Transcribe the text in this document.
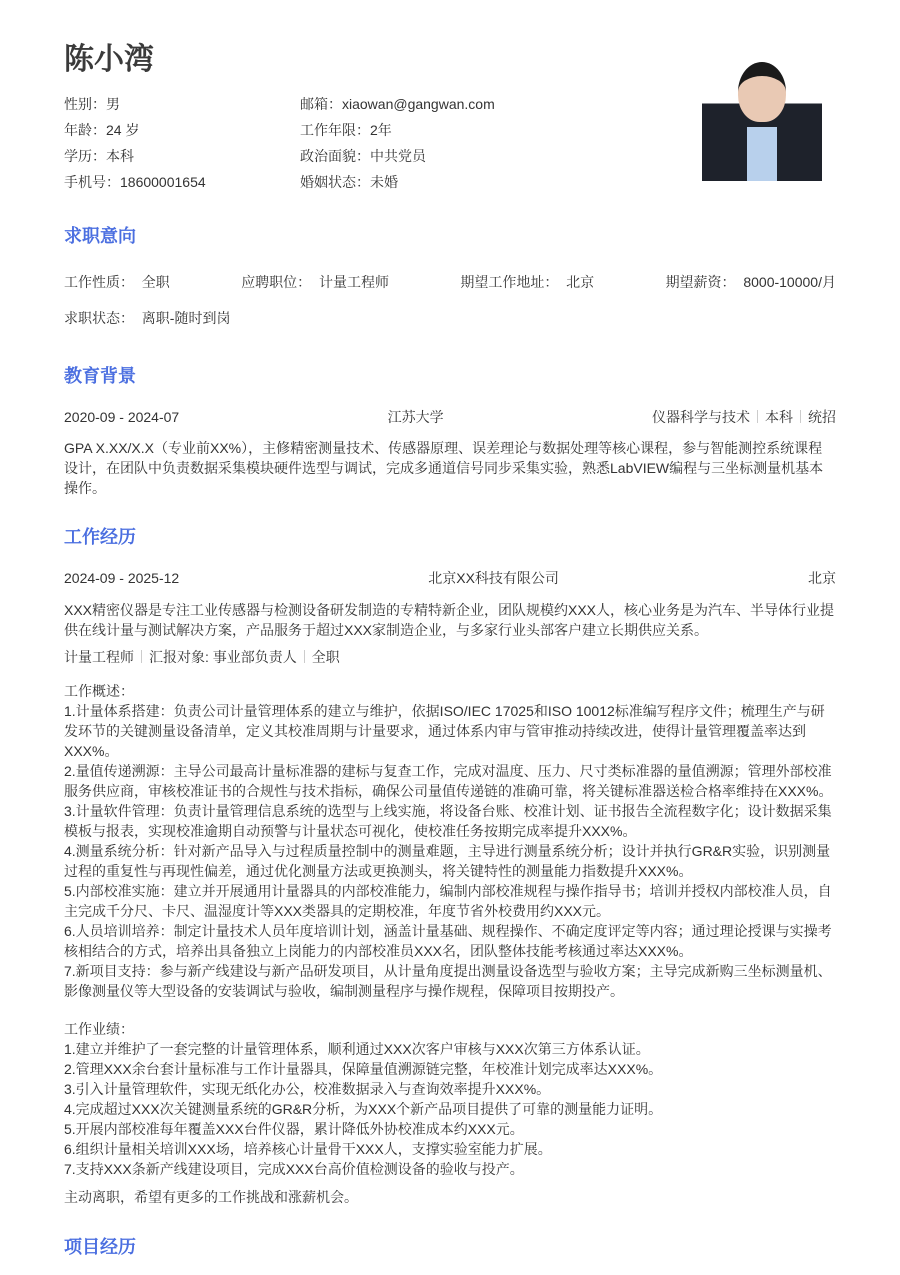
陈小湾
性别：男	邮箱：xiaowan@gangwan.com
年龄：24 岁	工作年限：2年
学历：本科	政治面貌：中共党员
手机号：18600001654	婚姻状态：未婚
求职意向
工作性质：  全职	应聘职位：  计量工程师	期望工作地址：  北京	期望薪资：  8000-10000/月
求职状态：  离职-随时到岗
教育背景
2020-09 - 2024-07	江苏大学	仪器科学与技术 本科 统招
GPA X.XX/X.X（专业前XX%），主修精密测量技术、传感器原理、误差理论与数据处理等核心课程，参与智能测控系统课程设计，在团队中负责数据采集模块硬件选型与调试，完成多通道信号同步采集实验，熟悉LabVIEW编程与三坐标测量机基本操作。
工作经历
2024-09 - 2025-12	北京XX科技有限公司	北京
XXX精密仪器是专注工业传感器与检测设备研发制造的专精特新企业，团队规模约XXX人，核心业务是为汽车、半导体行业提供在线计量与测试解决方案，产品服务于超过XXX家制造企业，与多家行业头部客户建立长期供应关系。
计量工程师 汇报对象: 事业部负责人 全职
工作概述：
1.计量体系搭建：负责公司计量管理体系的建立与维护，依据ISO/IEC 17025和ISO 10012标准编写程序文件；梳理生产与研发环节的关键测量设备清单，定义其校准周期与计量要求，通过体系内审与管审推动持续改进，使得计量管理覆盖率达到XXX%。
2.量值传递溯源：主导公司最高计量标准器的建标与复查工作，完成对温度、压力、尺寸类标准器的量值溯源；管理外部校准服务供应商，审核校准证书的合规性与技术指标，确保公司量值传递链的准确可靠，将关键标准器送检合格率维持在XXX%。
3.计量软件管理：负责计量管理信息系统的选型与上线实施，将设备台账、校准计划、证书报告全流程数字化；设计数据采集模板与报表，实现校准逾期自动预警与计量状态可视化，使校准任务按期完成率提升XXX%。
4.测量系统分析：针对新产品导入与过程质量控制中的测量难题，主导进行测量系统分析；设计并执行GR&R实验，识别测量过程的重复性与再现性偏差，通过优化测量方法或更换测头，将关键特性的测量能力指数提升XXX%。
5.内部校准实施：建立并开展通用计量器具的内部校准能力，编制内部校准规程与操作指导书；培训并授权内部校准人员，自主完成千分尺、卡尺、温湿度计等XXX类器具的定期校准，年度节省外校费用约XXX元。
6.人员培训培养：制定计量技术人员年度培训计划，涵盖计量基础、规程操作、不确定度评定等内容；通过理论授课与实操考核相结合的方式，培养出具备独立上岗能力的内部校准员XXX名，团队整体技能考核通过率达XXX%。
7.新项目支持：参与新产线建设与新产品研发项目，从计量角度提出测量设备选型与验收方案；主导完成新购三坐标测量机、影像测量仪等大型设备的安装调试与验收，编制测量程序与操作规程，保障项目按期投产。
工作业绩：
1.建立并维护了一套完整的计量管理体系，顺利通过XXX次客户审核与XXX次第三方体系认证。
2.管理XXX余台套计量标准与工作计量器具，保障量值溯源链完整，年校准计划完成率达XXX%。
3.引入计量管理软件，实现无纸化办公，校准数据录入与查询效率提升XXX%。
4.完成超过XXX次关键测量系统的GR&R分析，为XXX个新产品项目提供了可靠的测量能力证明。
5.开展内部校准每年覆盖XXX台件仪器，累计降低外协校准成本约XXX元。
6.组织计量相关培训XXX场，培养核心计量骨干XXX人，支撑实验室能力扩展。
7.支持XXX条新产线建设项目，完成XXX台高价值检测设备的验收与投产。
主动离职，希望有更多的工作挑战和涨薪机会。
项目经历
